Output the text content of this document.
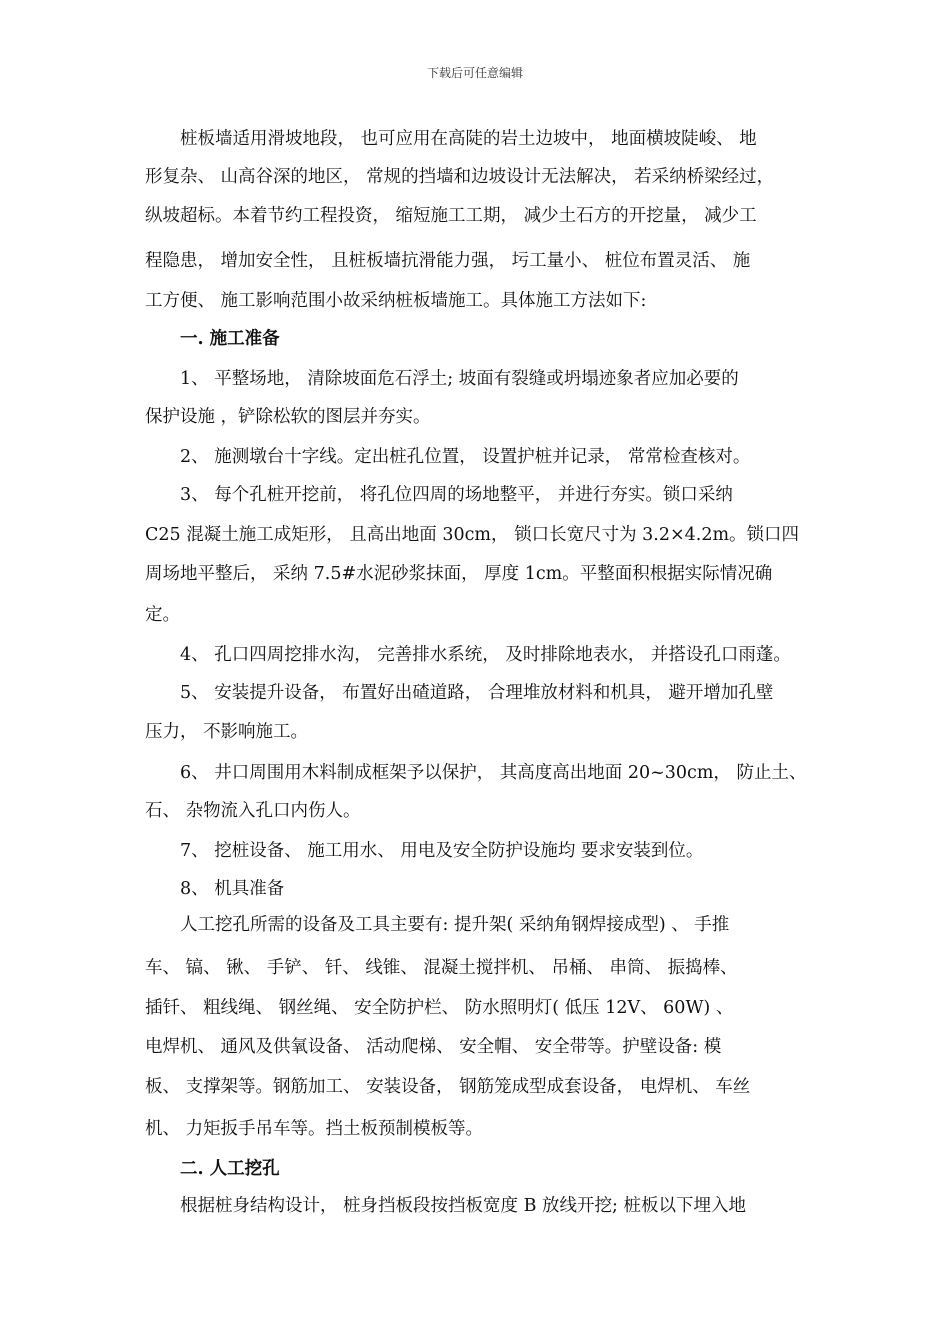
下载后可任意编辑
桩板墙适用滑坡地段， 也可应用在高陡的岩土边坡中， 地面横坡陡峻、 地
形复杂、 山高谷深的地区， 常规的挡墙和边坡设计无法解决， 若采纳桥梁经过，
纵坡超标。本着节约工程投资， 缩短施工工期， 减少土石方的开挖量， 减少工
程隐患， 增加安全性， 且桩板墙抗滑能力强， 圬工量小、 桩位布置灵活、 施
工方便、 施工影响范围小故采纳桩板墙施工。具体施工方法如下:
一. 施工准备
1、 平整场地， 清除坡面危石浮土; 坡面有裂缝或坍塌迹象者应加必要的
保护设施 ，铲除松软的图层并夯实。
2、 施测墩台十字线。定出桩孔位置， 设置护桩并记录， 常常检查核对。
3、 每个孔桩开挖前， 将孔位四周的场地整平， 并进行夯实。锁口采纳
C25 混凝土施工成矩形， 且高出地面 30cm， 锁口长宽尺寸为 3.2×4.2m。锁口四
周场地平整后， 采纳 7.5#水泥砂浆抹面， 厚度 1cm。平整面积根据实际情况确
定。
4、 孔口四周挖排水沟， 完善排水系统， 及时排除地表水， 并搭设孔口雨蓬。
5、 安装提升设备， 布置好出碴道路， 合理堆放材料和机具， 避开增加孔壁
压力， 不影响施工。
6、 井口周围用木料制成框架予以保护， 其高度高出地面 20~30cm， 防止土、
石、 杂物流入孔口内伤人。
7、 挖桩设备、 施工用水、 用电及安全防护设施均 要求安装到位。
8、 机具准备
人工挖孔所需的设备及工具主要有: 提升架( 采纳角钢焊接成型) 、 手推
车、 镐、 锹、 手铲、 钎、 线锥、 混凝土搅拌机、 吊桶、 串筒、 振捣棒、
插钎、 粗线绳、 钢丝绳、 安全防护栏、 防水照明灯( 低压 12V、 60W) 、
电焊机、 通风及供氧设备、 活动爬梯、 安全帽、 安全带等。护壁设备: 模
板、 支撑架等。钢筋加工、 安装设备， 钢筋笼成型成套设备， 电焊机、 车丝
机、 力矩扳手吊车等。挡土板预制模板等。
二. 人工挖孔
根据桩身结构设计， 桩身挡板段按挡板宽度 B 放线开挖; 桩板以下埋入地
